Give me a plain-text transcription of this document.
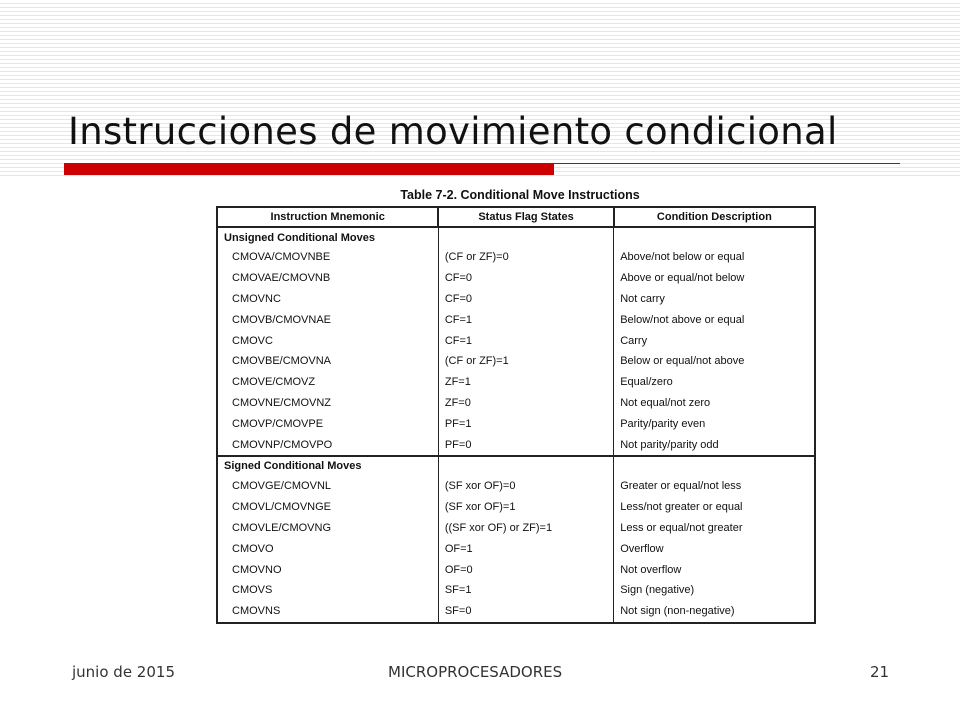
Instrucciones de movimiento condicional
Table 7-2. Conditional Move Instructions
Instruction Mnemonic	Status Flag States	Condition Description
Unsigned Conditional Moves		
CMOVA/CMOVNBE	(CF or ZF)=0	Above/not below or equal
CMOVAE/CMOVNB	CF=0	Above or equal/not below
CMOVNC	CF=0	Not carry
CMOVB/CMOVNAE	CF=1	Below/not above or equal
CMOVC	CF=1	Carry
CMOVBE/CMOVNA	(CF or ZF)=1	Below or equal/not above
CMOVE/CMOVZ	ZF=1	Equal/zero
CMOVNE/CMOVNZ	ZF=0	Not equal/not zero
CMOVP/CMOVPE	PF=1	Parity/parity even
CMOVNP/CMOVPO	PF=0	Not parity/parity odd
Signed Conditional Moves		
CMOVGE/CMOVNL	(SF xor OF)=0	Greater or equal/not less
CMOVL/CMOVNGE	(SF xor OF)=1	Less/not greater or equal
CMOVLE/CMOVNG	((SF xor OF) or ZF)=1	Less or equal/not greater
CMOVO	OF=1	Overflow
CMOVNO	OF=0	Not overflow
CMOVS	SF=1	Sign (negative)
CMOVNS	SF=0	Not sign (non-negative)
junio de 2015	MICROPROCESADORES	21
